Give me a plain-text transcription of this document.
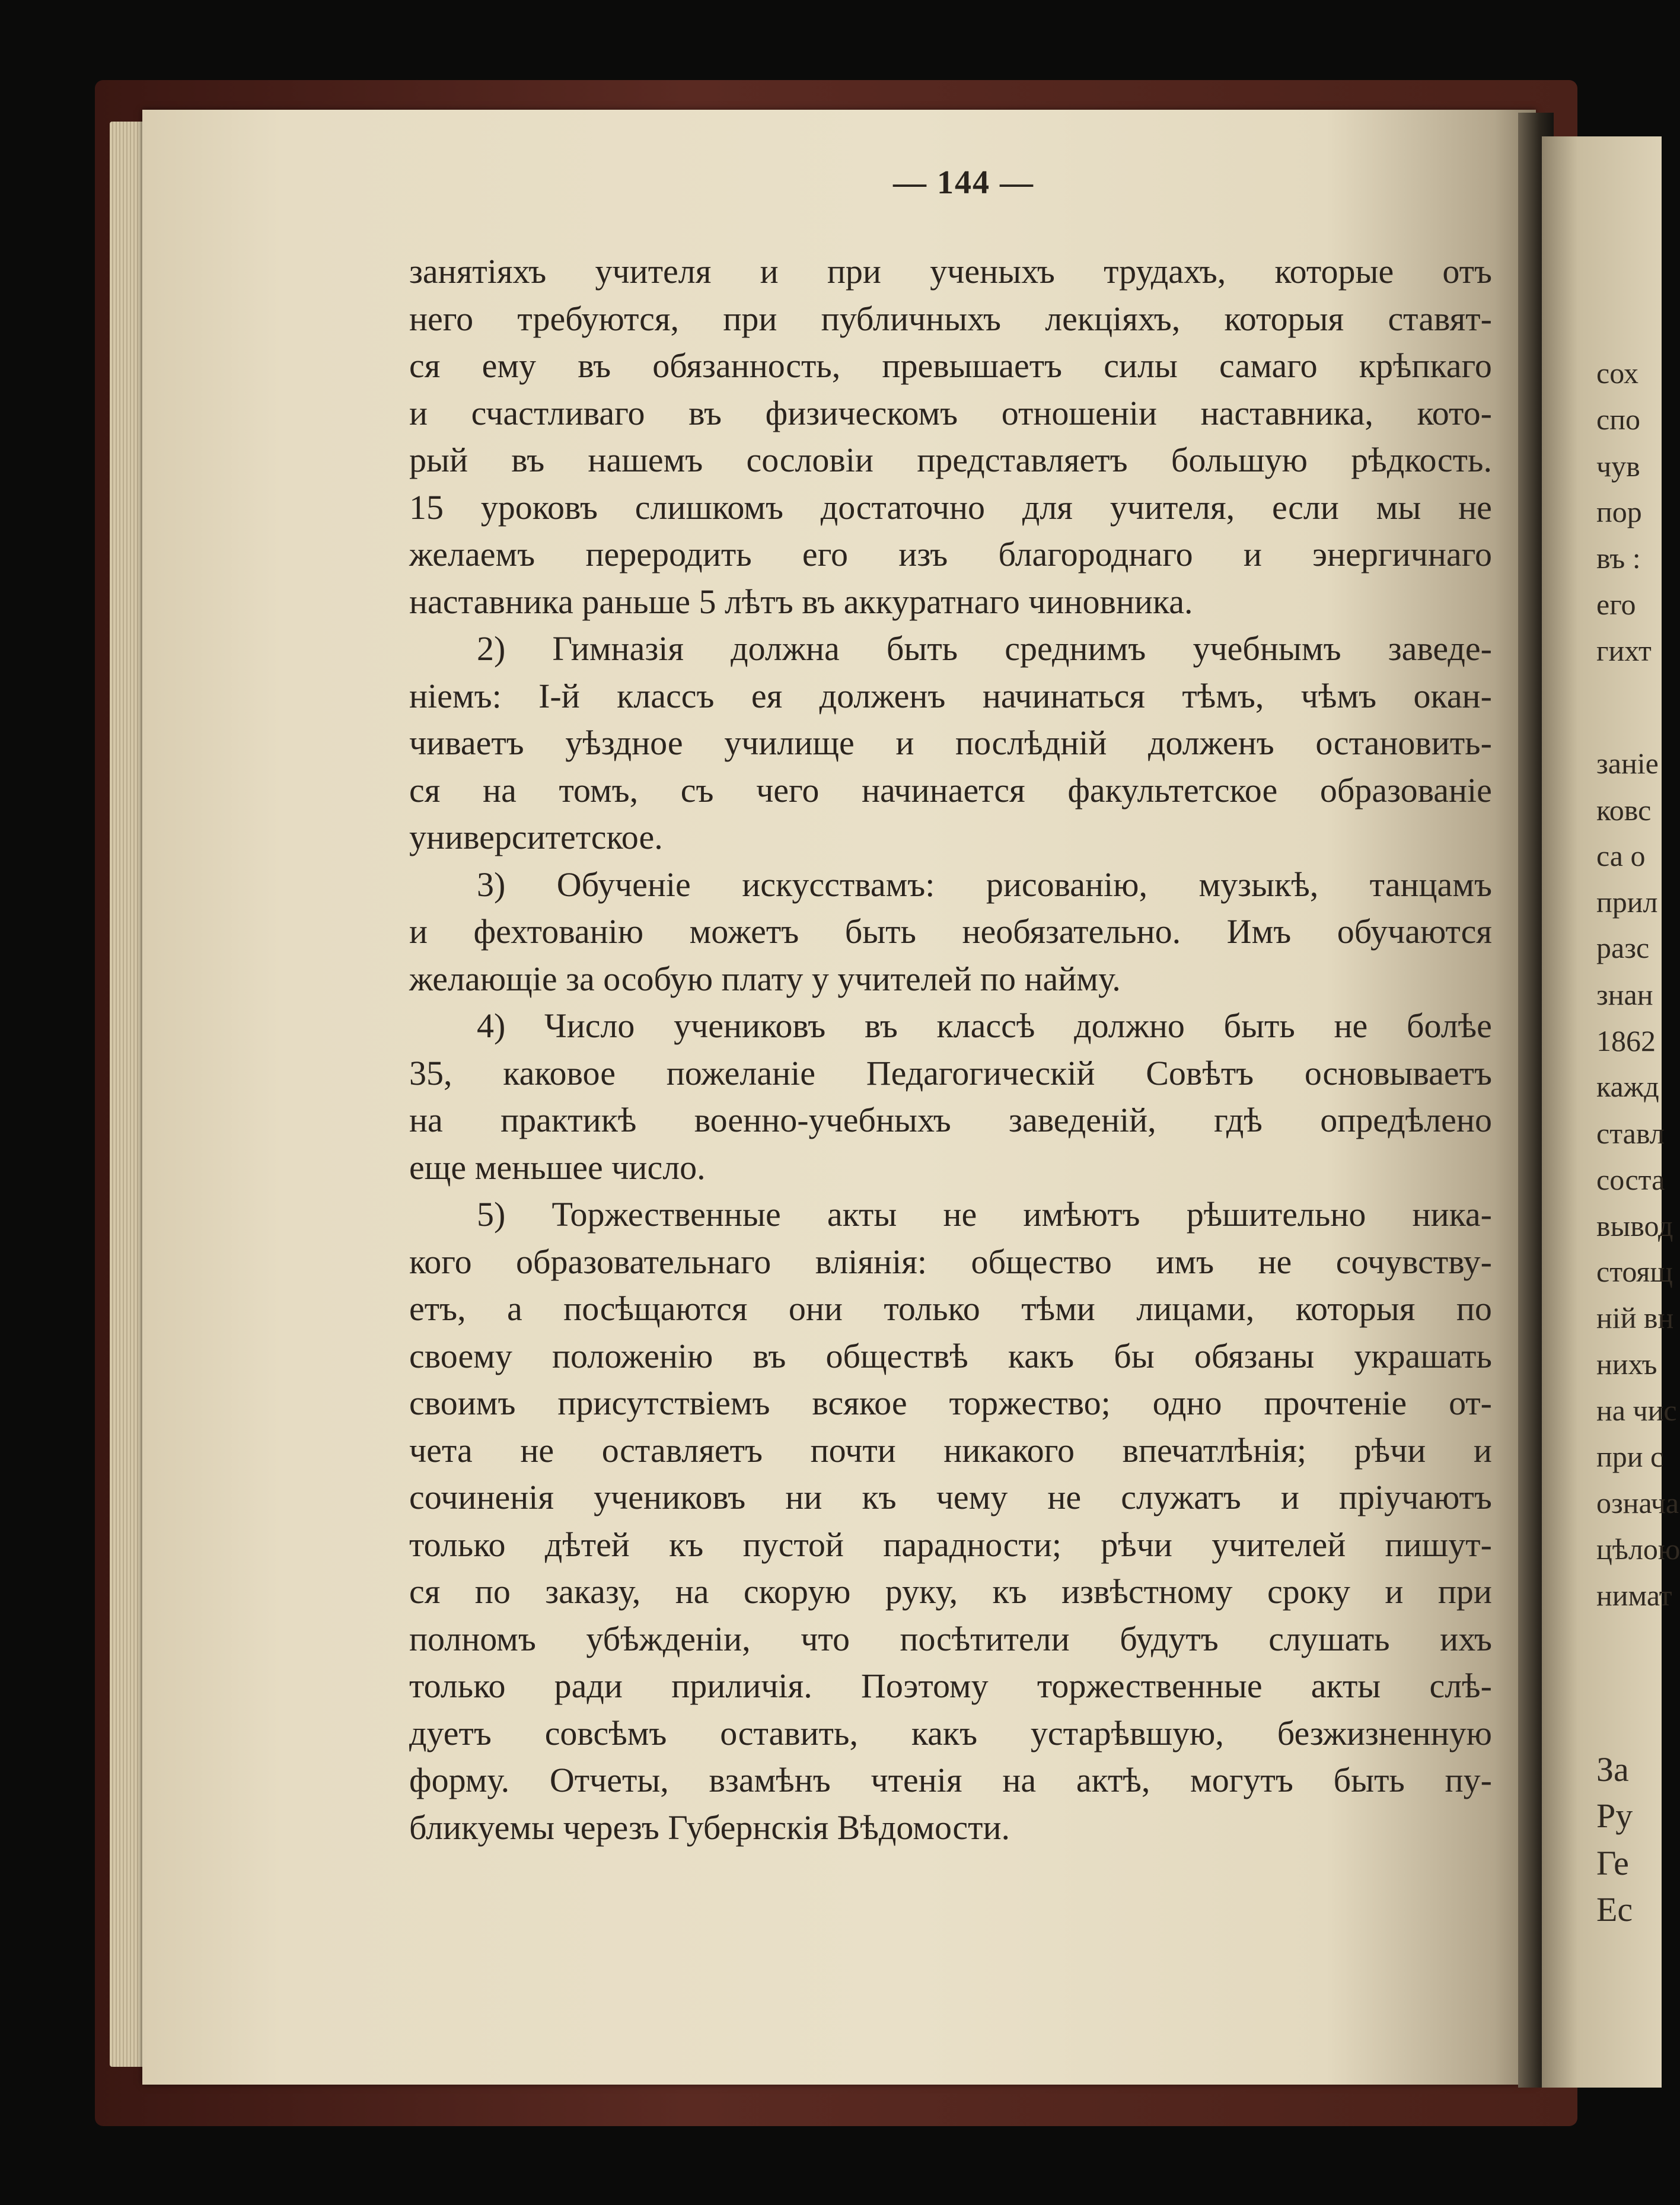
— 144 —
занятіяхъ учителя и при ученыхъ трудахъ, которые отъ
него требуются, при публичныхъ лекціяхъ, которыя ставят-
ся ему въ обязанность, превышаетъ силы самаго крѣпкаго
и счастливаго въ физическомъ отношеніи наставника, кото-
рый въ нашемъ сословіи представляетъ большую рѣдкость.
15 уроковъ слишкомъ достаточно для учителя, если мы не
желаемъ переродить его изъ благороднаго и энергичнаго
наставника раньше 5 лѣтъ въ аккуратнаго чиновника.
2) Гимназія должна быть среднимъ учебнымъ заведе-
ніемъ: І-й классъ ея долженъ начинаться тѣмъ, чѣмъ окан-
чиваетъ уѣздное училище и послѣдній долженъ остановить-
ся на томъ, съ чего начинается факультетское образованіе
университетское.
3) Обученіе искусствамъ: рисованію, музыкѣ, танцамъ
и фехтованію можетъ быть необязательно. Имъ обучаются
желающіе за особую плату у учителей по найму.
4) Число учениковъ въ классѣ должно быть не болѣе
35, каковое пожеланіе Педагогическій Совѣтъ основываетъ
на практикѣ военно-учебныхъ заведеній, гдѣ опредѣлено
еще меньшее число.
5) Торжественные акты не имѣютъ рѣшительно ника-
кого образовательнаго вліянія: общество имъ не сочувству-
етъ, а посѣщаются они только тѣми лицами, которыя по
своему положенію въ обществѣ какъ бы обязаны украшать
своимъ присутствіемъ всякое торжество; одно прочтеніе от-
чета не оставляетъ почти никакого впечатлѣнія; рѣчи и
сочиненія учениковъ ни къ чему не служатъ и пріучаютъ
только дѣтей къ пустой парадности; рѣчи учителей пишут-
ся по заказу, на скорую руку, къ извѣстному сроку и при
полномъ убѣжденіи, что посѣтители будутъ слушать ихъ
только ради приличія. Поэтому торжественные акты слѣ-
дуетъ совсѣмъ оставить, какъ устарѣвшую, безжизненную
форму. Отчеты, взамѣнъ чтенія на актѣ, могутъ быть пу-
бликуемы черезъ Губернскія Вѣдомости.
сох
спо
чув
пор
въ :
его
гихт
заніе
ковс
са о
прил
разс
знан
1862
кажд
ставл
соста
вывод
стоящ
ній вн
нихъ
на чис
при с
означа
цѣлою
нимат
За
Ру
Ге
Ес
